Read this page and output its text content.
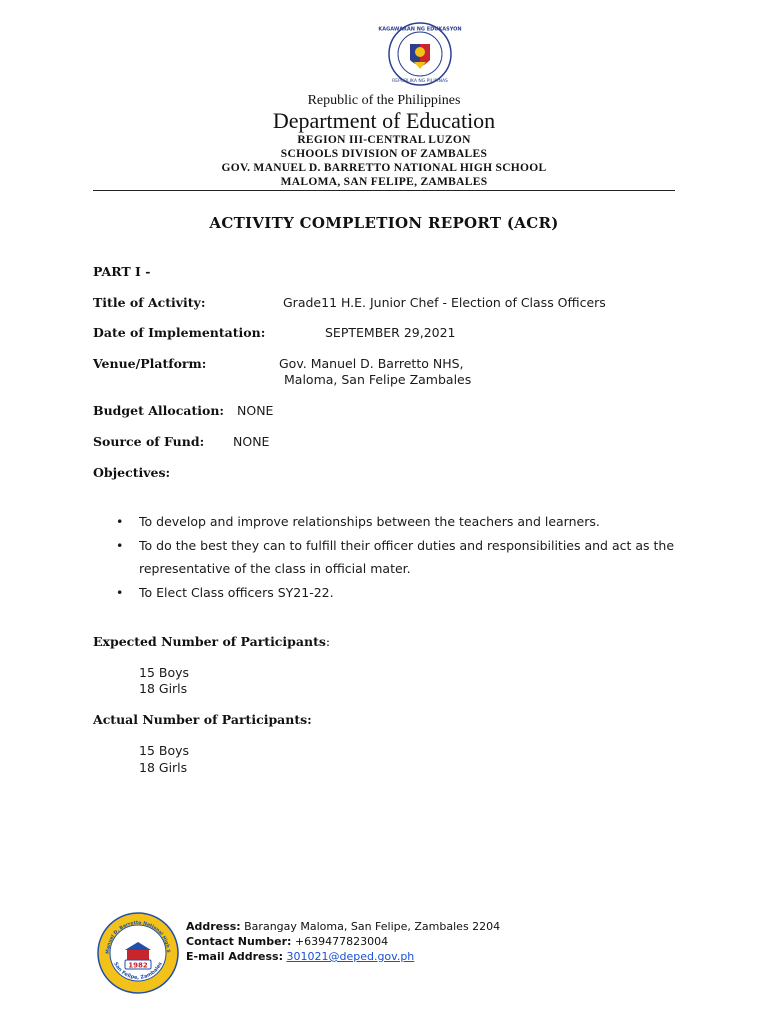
KAGAWARAN NG EDUKASYON
REPUBLIKA NG PILIPINAS
Republic of the Philippines
Department of Education
REGION III-CENTRAL LUZON
SCHOOLS DIVISION OF ZAMBALES
GOV. MANUEL D. BARRETTO NATIONAL HIGH SCHOOL
MALOMA, SAN FELIPE, ZAMBALES
ACTIVITY COMPLETION REPORT (ACR)
PART I -
Title of Activity:	Grade11 H.E. Junior Chef - Election of Class Officers
Date of Implementation:	SEPTEMBER 29,2021
Venue/Platform:	Gov. Manuel D. Barretto NHS,
Maloma, San Felipe Zambales
Budget Allocation: NONE
Source of Fund: NONE
Objectives:
• To develop and improve relationships between the teachers and learners.
• To do the best they can to fulfill their officer duties and responsibilities and act as the representative of the class in official mater.
• To Elect Class officers SY21-22.
Expected Number of Participants:
15 Boys
18 Girls
Actual Number of Participants:
15 Boys
18 Girls
1982
Manuel D. Barretto National High S
San Felipe, Zambales
Address: Barangay Maloma, San Felipe, Zambales 2204
Contact Number: +639477823004
E-mail Address: 301021@deped.gov.ph
